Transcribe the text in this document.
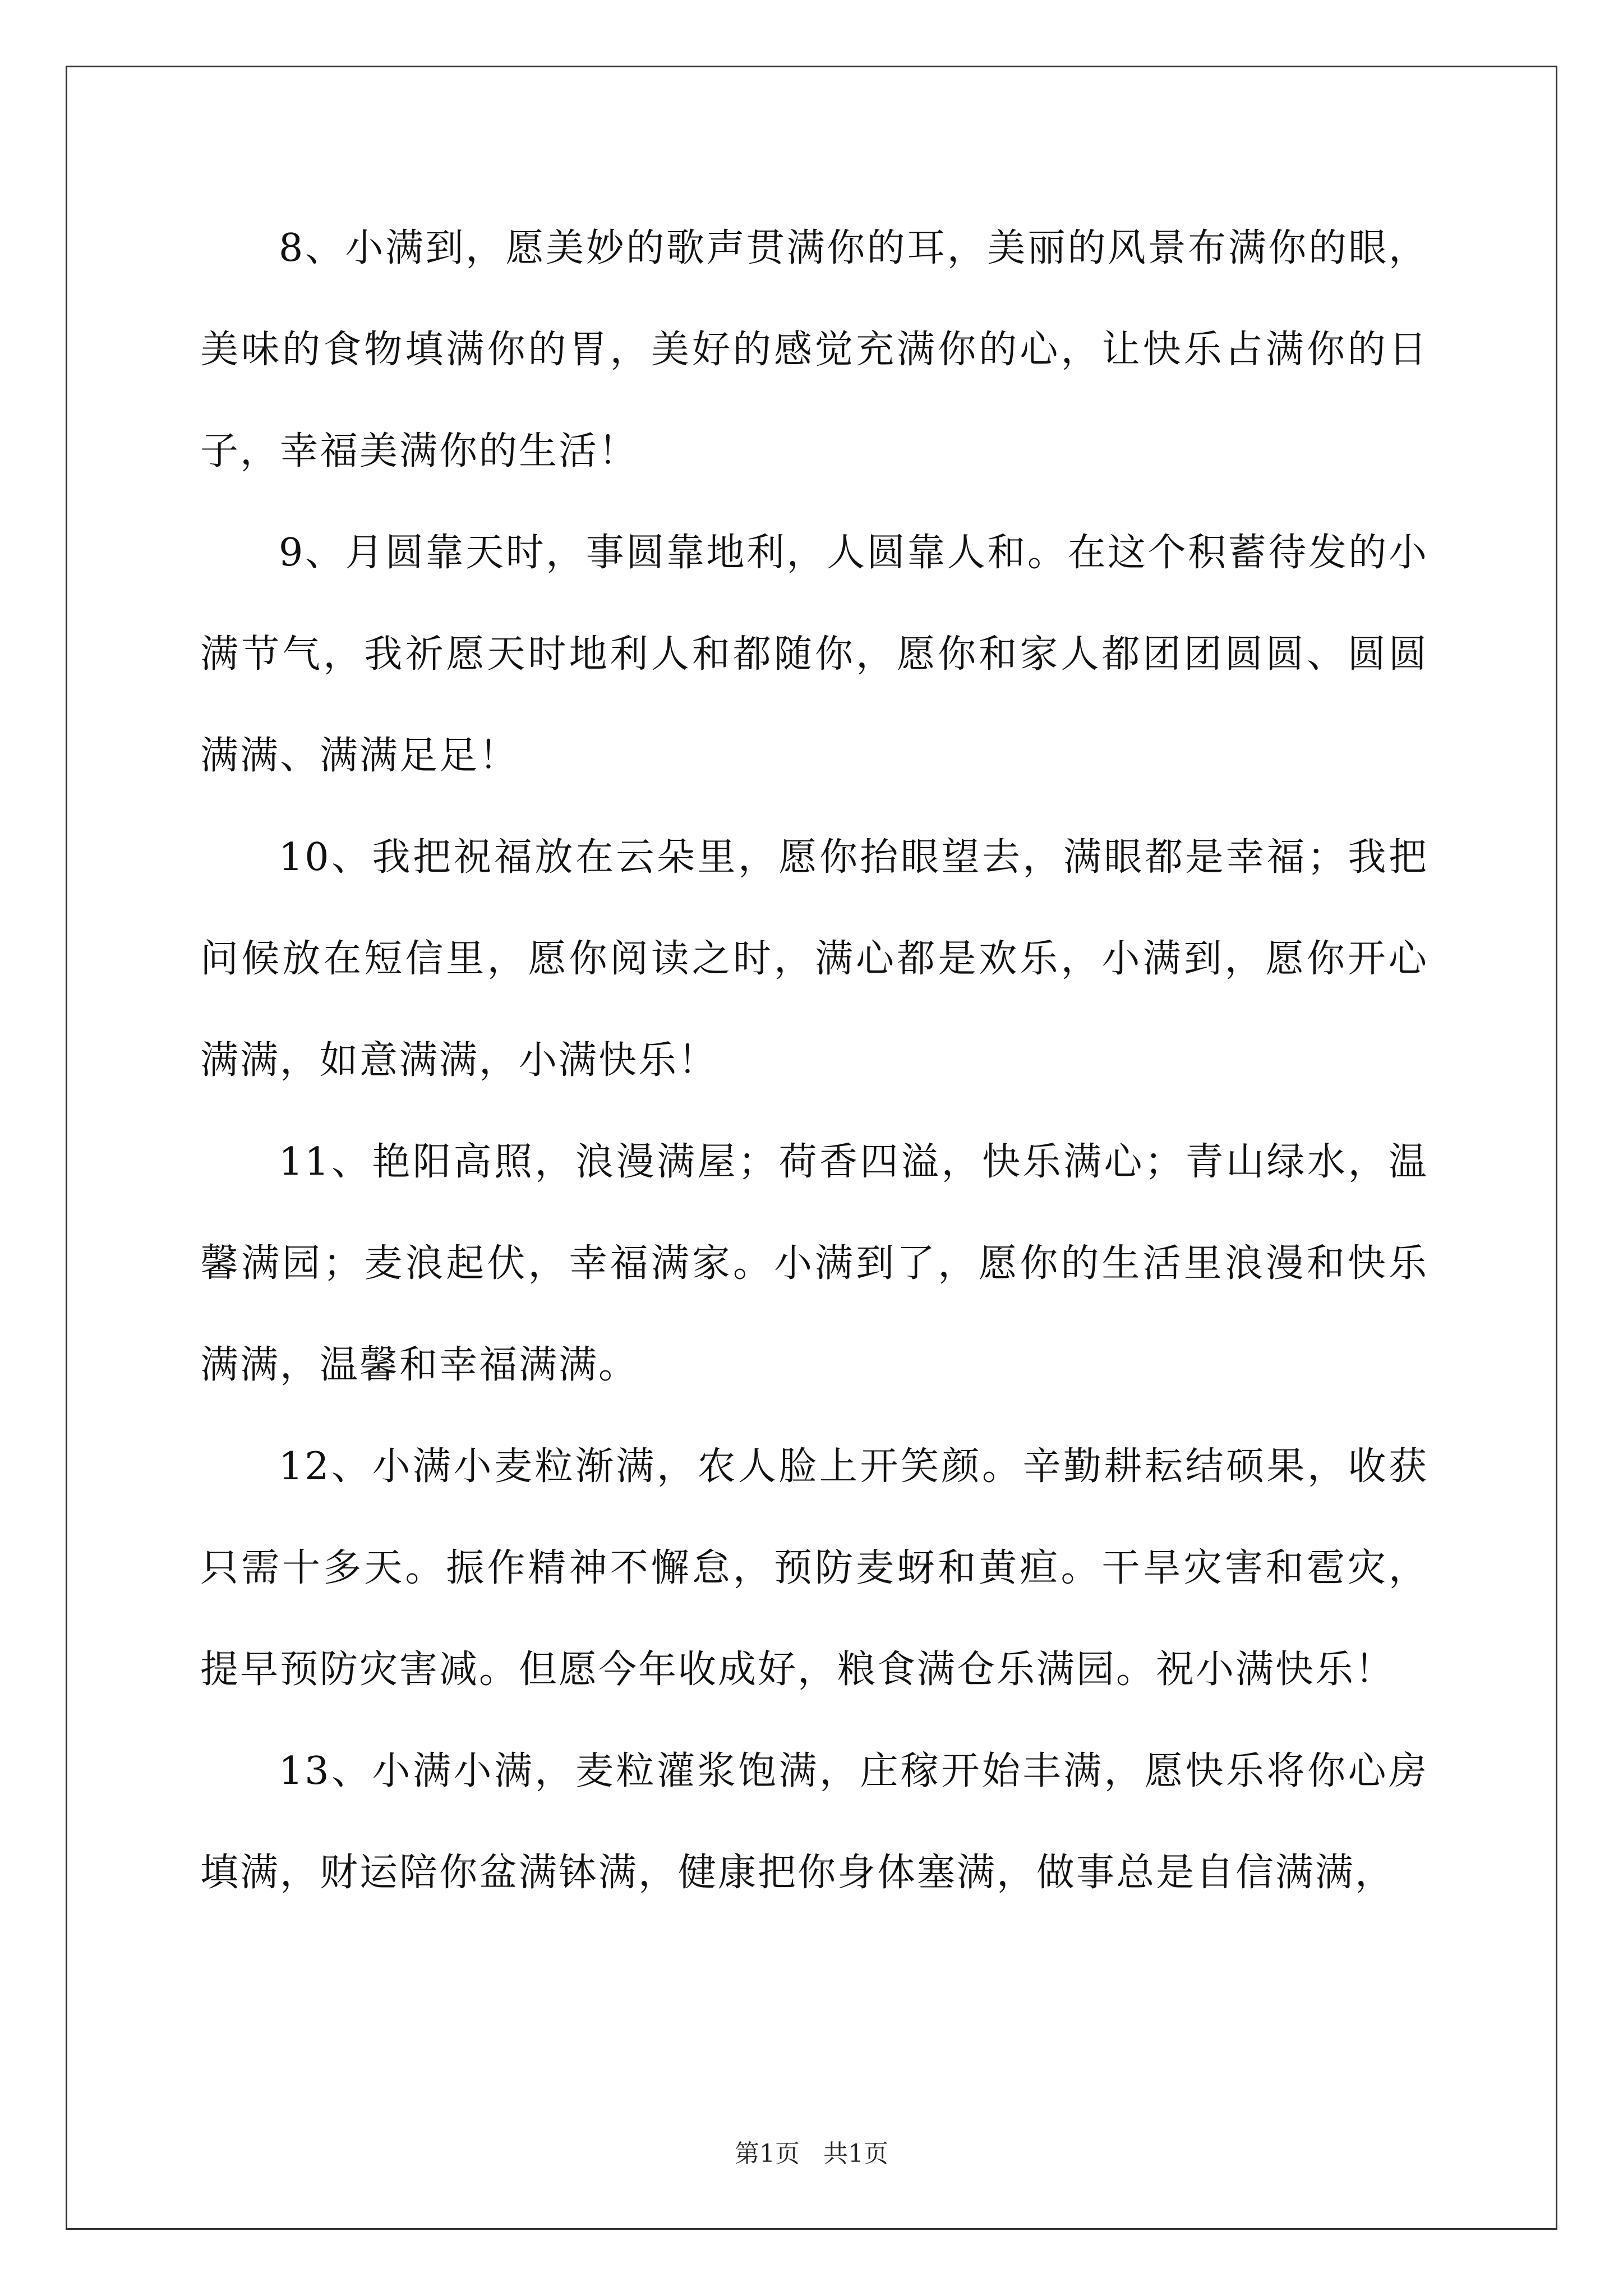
8、小满到，愿美妙的歌声贯满你的耳，美丽的风景布满你的眼，美味的食物填满你的胃，美好的感觉充满你的心，让快乐占满你的日子，幸福美满你的生活！

9、月圆靠天时，事圆靠地利，人圆靠人和。在这个积蓄待发的小满节气，我祈愿天时地利人和都随你，愿你和家人都团团圆圆、圆圆满满、满满足足！

10、我把祝福放在云朵里，愿你抬眼望去，满眼都是幸福；我把问候放在短信里，愿你阅读之时，满心都是欢乐，小满到，愿你开心满满，如意满满，小满快乐！

11、艳阳高照，浪漫满屋；荷香四溢，快乐满心；青山绿水，温馨满园；麦浪起伏，幸福满家。小满到了，愿你的生活里浪漫和快乐满满，温馨和幸福满满。

12、小满小麦粒渐满，农人脸上开笑颜。辛勤耕耘结硕果，收获只需十多天。振作精神不懈怠，预防麦蚜和黄疸。干旱灾害和雹灾，提早预防灾害减。但愿今年收成好，粮食满仓乐满园。祝小满快乐！

13、小满小满，麦粒灌浆饱满，庄稼开始丰满，愿快乐将你心房填满，财运陪你盆满钵满，健康把你身体塞满，做事总是自信满满，

第1页   共1页
